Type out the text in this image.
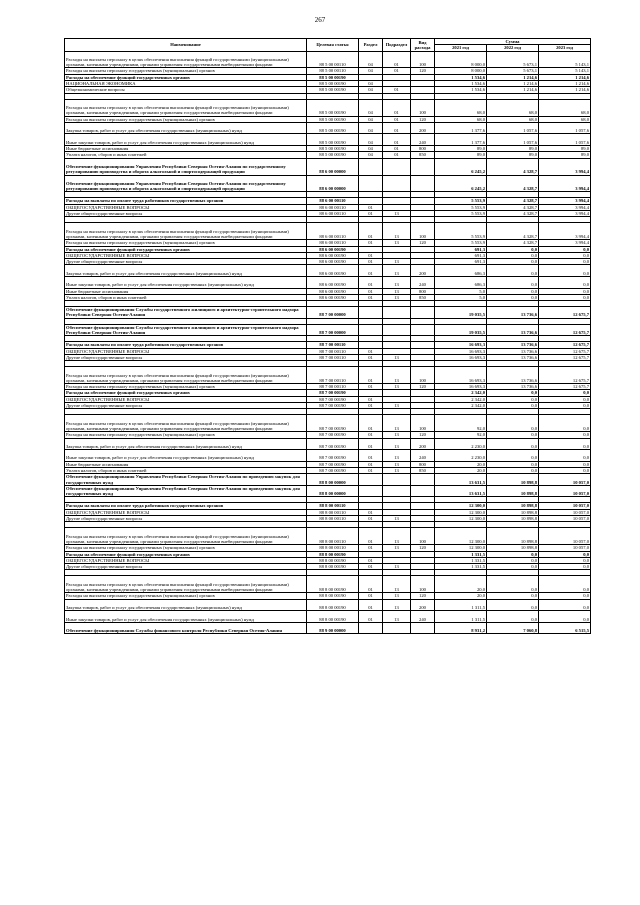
267
Наименование	Целевая статья	Раздел	Подраздел	Вид расхода	Сумма		
					2021 год	2022 год	2023 год
Расходы на выплаты персоналу в целях обеспечения выполнения функций государственными (муниципальными) органами, казенными учреждениями, органами управления государственными внебюджетными фондами	88 5 00 00110	04	01	100	8 000,0	5 673,1	5 143,1
Расходы на выплаты персоналу государственных (муниципальных) органов	88 5 00 00110	04	01	120	8 000,0	5 673,1	5 143,1
Расходы на обеспечение функций государственных органов	88 5 00 00190				1 534,6	1 214,6	1 214,6
НАЦИОНАЛЬНАЯ ЭКОНОМИКА	88 5 00 00190	04			1 534,6	1 214,6	1 214,6
Общеэкономические вопросы	88 5 00 00190	04	01		1 534,6	1 214,6	1 214,6

Расходы на выплаты персоналу в целях обеспечения выполнения функций государственными (муниципальными) органами, казенными учреждениями, органами управления государственными внебюджетными фондами	88 5 00 00190	04	01	100	68,0	68,0	68,0
Расходы на выплаты персоналу государственных (муниципальных) органов	88 5 00 00190	04	01	120	68,0	68,0	68,0
Закупка товаров, работ и услуг для обеспечения государственных (муниципальных) нужд	88 5 00 00190	04	01	200	1 377,6	1 057,6	1 057,6
Иные закупки товаров, работ и услуг для обеспечения государственных (муниципальных) нужд	88 5 00 00190	04	01	240	1 377,6	1 057,6	1 057,6
Иные бюджетные ассигнования	88 5 00 00190	04	01	800	89,0	89,0	89,0
Уплата налогов, сборов и иных платежей	88 5 00 00190	04	01	850	89,0	89,0	89,0
Обеспечение функционирования Управления Республики Северная Осетия-Алания по государственному регулированию производства и оборота алкогольной и спиртосодержащей продукции	88 6 00 00000				6 245,2	4 328,7	3 994,4
Обеспечение функционирования Управления Республики Северная Осетия-Алания по государственному регулированию производства и оборота алкогольной и спиртосодержащей продукции	88 6 00 00000				6 245,2	4 328,7	3 994,4

Расходы на выплаты по оплате труда работников государственных органов	88 6 00 00110				5 553,9	4 328,7	3 994,4
ОБЩЕГОСУДАРСТВЕННЫЕ ВОПРОСЫ	88 6 00 00110	01			5 553,9	4 328,7	3 994,4
Другие общегосударственные вопросы	88 6 00 00110	01	13		5 553,9	4 328,7	3 994,4

Расходы на выплаты персоналу в целях обеспечения выполнения функций государственными (муниципальными) органами, казенными учреждениями, органами управления государственными внебюджетными фондами	88 6 00 00110	01	13	100	5 553,9	4 328,7	3 994,4
Расходы на выплаты персоналу государственных (муниципальных) органов	88 6 00 00110	01	13	120	5 553,9	4 328,7	3 994,4
Расходы на обеспечение функций государственных органов	88 6 00 00190				691,3	0,0	0,0
ОБЩЕГОСУДАРСТВЕННЫЕ ВОПРОСЫ	88 6 00 00190	01			691,3	0,0	0,0
Другие общегосударственные вопросы	88 6 00 00190	01	13		691,3	0,0	0,0
Закупка товаров, работ и услуг для обеспечения государственных (муниципальных) нужд	88 6 00 00190	01	13	200	686,3	0,0	0,0
Иные закупки товаров, работ и услуг для обеспечения государственных (муниципальных) нужд	88 6 00 00190	01	13	240	686,3	0,0	0,0
Иные бюджетные ассигнования	88 6 00 00190	01	13	800	5,0	0,0	0,0
Уплата налогов, сборов и иных платежей	88 6 00 00190	01	13	850	5,0	0,0	0,0

Обеспечение функционирования Службы государственного жилищного и архитектурно-строительного надзора Республики Северная Осетия-Алания	88 7 00 00000				19 035,5	13 736,6	12 675,7

Обеспечение функционирования Службы государственного жилищного и архитектурно-строительного надзора Республики Северная Осетия-Алания	88 7 00 00000				19 035,5	13 736,6	12 675,7

Расходы на выплаты по оплате труда работников государственных органов	88 7 00 00110				16 693,3	13 736,6	12 675,7
ОБЩЕГОСУДАРСТВЕННЫЕ ВОПРОСЫ	88 7 00 00110	01			16 693,3	13 736,6	12 675,7
Другие общегосударственные вопросы	88 7 00 00110	01	13		16 693,3	13 736,6	12 675,7

Расходы на выплаты персоналу в целях обеспечения выполнения функций государственными (муниципальными) органами, казенными учреждениями, органами управления государственными внебюджетными фондами	88 7 00 00110	01	13	100	16 693,3	13 736,6	12 675,7
Расходы на выплаты персоналу государственных (муниципальных) органов	88 7 00 00110	01	13	120	16 693,3	13 736,6	12 675,7
Расходы на обеспечение функций государственных органов	88 7 00 00190				2 342,0	0,0	0,0
ОБЩЕГОСУДАРСТВЕННЫЕ ВОПРОСЫ	88 7 00 00190	01			2 342,0	0,0	0,0
Другие общегосударственные вопросы	88 7 00 00190	01	13		2 342,0	0,0	0,0

Расходы на выплаты персоналу в целях обеспечения выполнения функций государственными (муниципальными) органами, казенными учреждениями, органами управления государственными внебюджетными фондами	88 7 00 00190	01	13	100	92,0	0,0	0,0
Расходы на выплаты персоналу государственных (муниципальных) органов	88 7 00 00190	01	13	120	92,0	0,0	0,0
Закупка товаров, работ и услуг для обеспечения государственных (муниципальных) нужд	88 7 00 00190	01	13	200	2 230,0	0,0	0,0
Иные закупки товаров, работ и услуг для обеспечения государственных (муниципальных) нужд	88 7 00 00190	01	13	240	2 230,0	0,0	0,0
Иные бюджетные ассигнования	88 7 00 00190	01	13	800	20,0	0,0	0,0
Уплата налогов, сборов и иных платежей	88 7 00 00190	01	13	850	20,0	0,0	0,0
Обеспечение функционирования Управления Республики Северная Осетия-Алания по проведению закупок для государственных нужд	88 8 00 00000				13 631,5	10 898,8	10 057,0
Обеспечение функционирования Управления Республики Северная Осетия-Алания по проведению закупок для государственных нужд	88 8 00 00000				13 631,5	10 898,8	10 057,0

Расходы на выплаты по оплате труда работников государственных органов	88 8 00 00110				12 300,0	10 898,8	10 057,0
ОБЩЕГОСУДАРСТВЕННЫЕ ВОПРОСЫ	88 8 00 00110	01			12 300,0	10 898,8	10 057,0
Другие общегосударственные вопросы	88 8 00 00110	01	13		12 300,0	10 898,8	10 057,0

Расходы на выплаты персоналу в целях обеспечения выполнения функций государственными (муниципальными) органами, казенными учреждениями, органами управления государственными внебюджетными фондами	88 8 00 00110	01	13	100	12 300,0	10 898,8	10 057,0
Расходы на выплаты персоналу государственных (муниципальных) органов	88 8 00 00110	01	13	120	12 300,0	10 898,8	10 057,0
Расходы на обеспечение функций государственных органов	88 8 00 00190				1 331,5	0,0	0,0
ОБЩЕГОСУДАРСТВЕННЫЕ ВОПРОСЫ	88 8 00 00190	01			1 331,5	0,0	0,0
Другие общегосударственные вопросы	88 8 00 00190	01	13		1 331,5	0,0	0,0

Расходы на выплаты персоналу в целях обеспечения выполнения функций государственными (муниципальными) органами, казенными учреждениями, органами управления государственными внебюджетными фондами	88 8 00 00190	01	13	100	20,0	0,0	0,0
Расходы на выплаты персоналу государственных (муниципальных) органов	88 8 00 00190	01	13	120	20,0	0,0	0,0
Закупка товаров, работ и услуг для обеспечения государственных (муниципальных) нужд	88 8 00 00190	01	13	200	1 311,5	0,0	0,0
Иные закупки товаров, работ и услуг для обеспечения государственных (муниципальных) нужд	88 8 00 00190	01	13	240	1 311,5	0,0	0,0
Обеспечение функционирования Службы финансового контроля Республики Северная Осетия-Алания	88 9 00 00000				8 931,2	7 060,8	6 515,5
